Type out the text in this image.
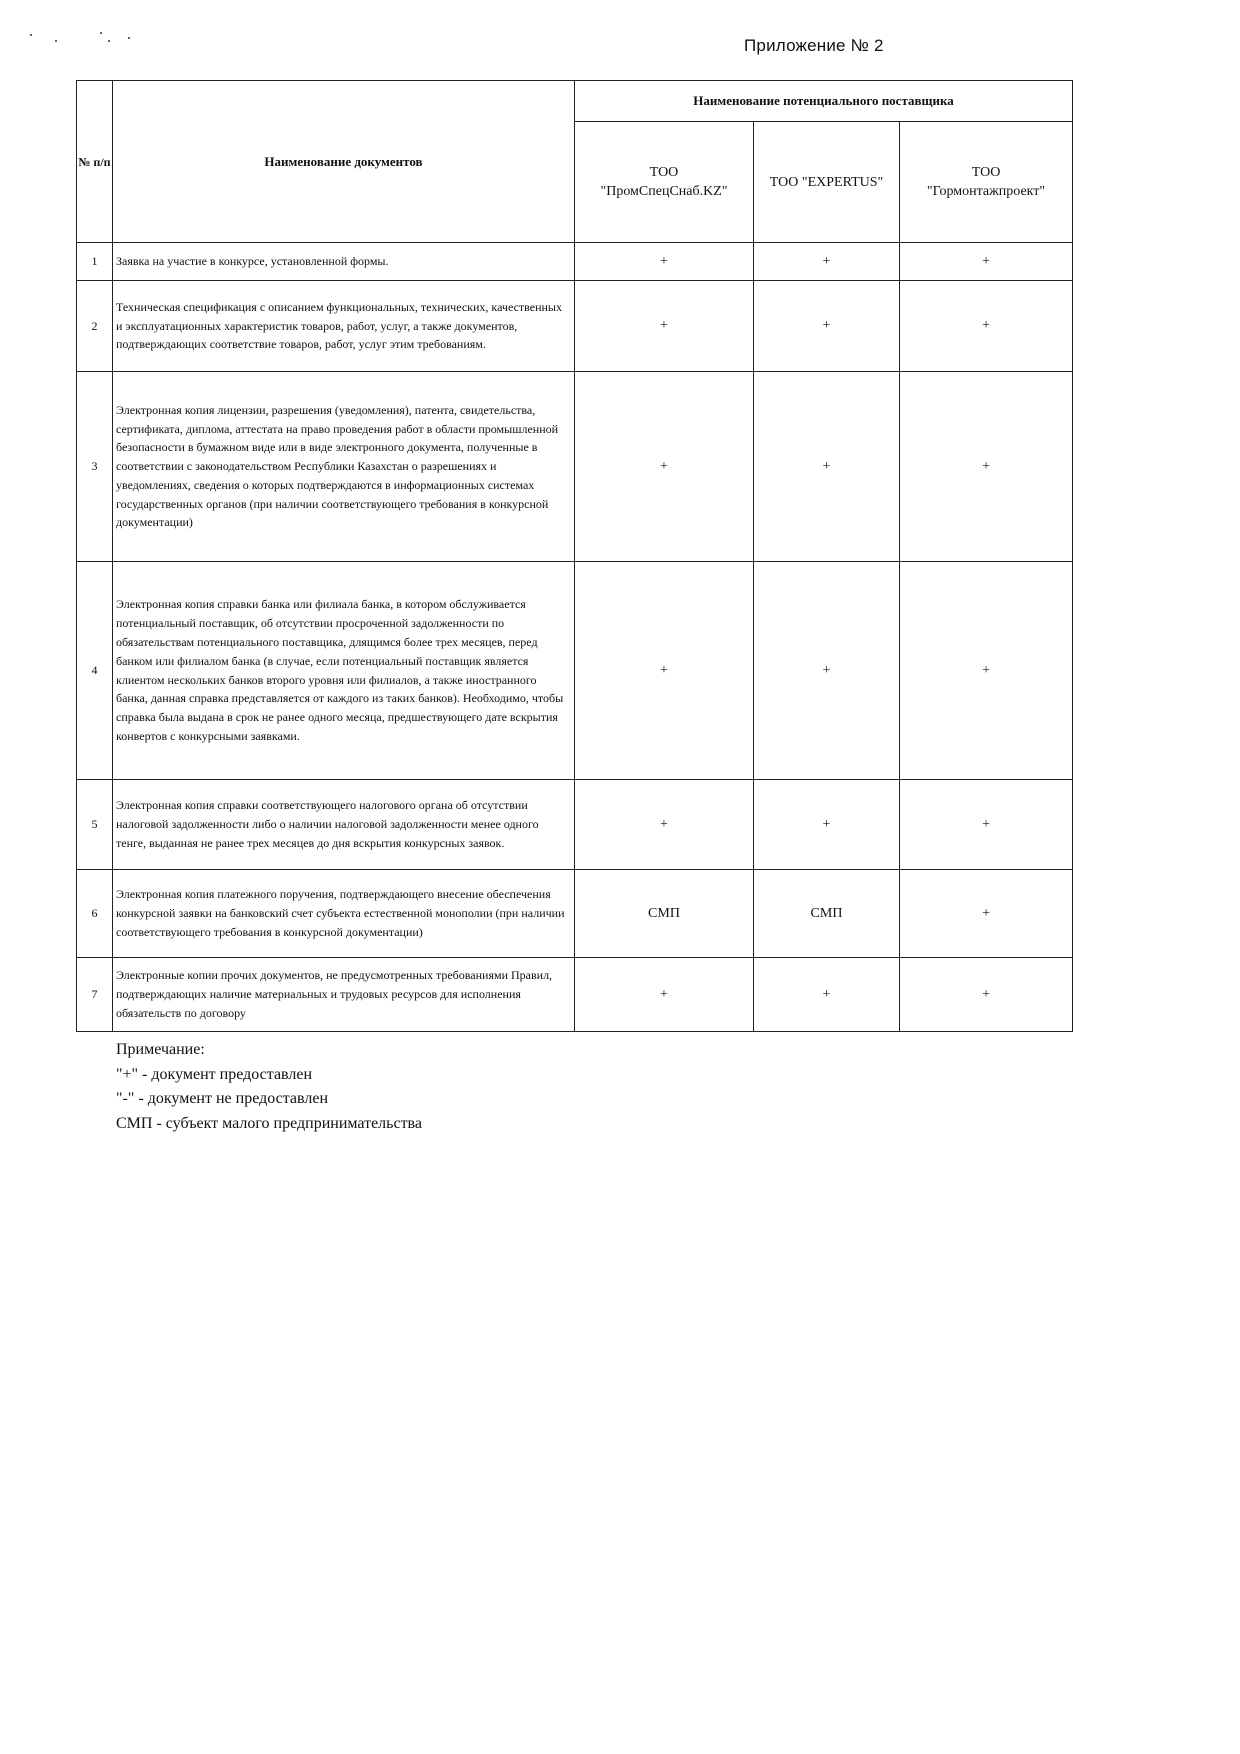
Приложение № 2
№ п/п	Наименование документов	Наименование потенциального поставщика		
		ТОО "ПромСпецСнаб.KZ"	ТОО "EXPERTUS"	ТОО "Гормонтажпроект"
1	Заявка на участие в конкурсе, установленной формы.	+	+	+
2	Техническая спецификация с описанием функциональных, технических, качественных и эксплуатационных характеристик товаров, работ, услуг, а также документов, подтверждающих соответствие товаров, работ, услуг этим требованиям.	+	+	+
3	Электронная копия лицензии, разрешения (уведомления), патента, свидетельства, сертификата, диплома, аттестата на право проведения работ в области промышленной безопасности в бумажном виде или в виде электронного документа, полученные в соответствии с законодательством Республики Казахстан о разрешениях и уведомлениях, сведения о которых подтверждаются в информационных системах государственных органов (при наличии соответствующего требования в конкурсной документации)	+	+	+
4	Электронная копия справки банка или филиала банка, в котором обслуживается потенциальный поставщик, об отсутствии просроченной задолженности по обязательствам потенциального поставщика, длящимся более трех месяцев, перед банком или филиалом банка (в случае, если потенциальный поставщик является клиентом нескольких банков второго уровня или филиалов, а также иностранного банка, данная справка представляется от каждого из таких банков). Необходимо, чтобы справка была выдана в срок не ранее одного месяца, предшествующего дате вскрытия конвертов с конкурсными заявками.	+	+	+
5	Электронная копия справки соответствующего налогового органа об отсутствии налоговой задолженности либо о наличии налоговой задолженности менее одного тенге, выданная не ранее трех месяцев до дня вскрытия конкурсных заявок.	+	+	+
6	Электронная копия платежного поручения, подтверждающего внесение обеспечения конкурсной заявки на банковский счет субъекта естественной монополии (при наличии соответствующего требования в конкурсной документации)	СМП	СМП	+
7	Электронные копии прочих документов, не предусмотренных требованиями Правил, подтверждающих наличие материальных и трудовых ресурсов для исполнения обязательств по договору	+	+	+
Примечание:
"+" - документ предоставлен
"-" - документ не предоставлен
СМП - субъект малого предпринимательства
